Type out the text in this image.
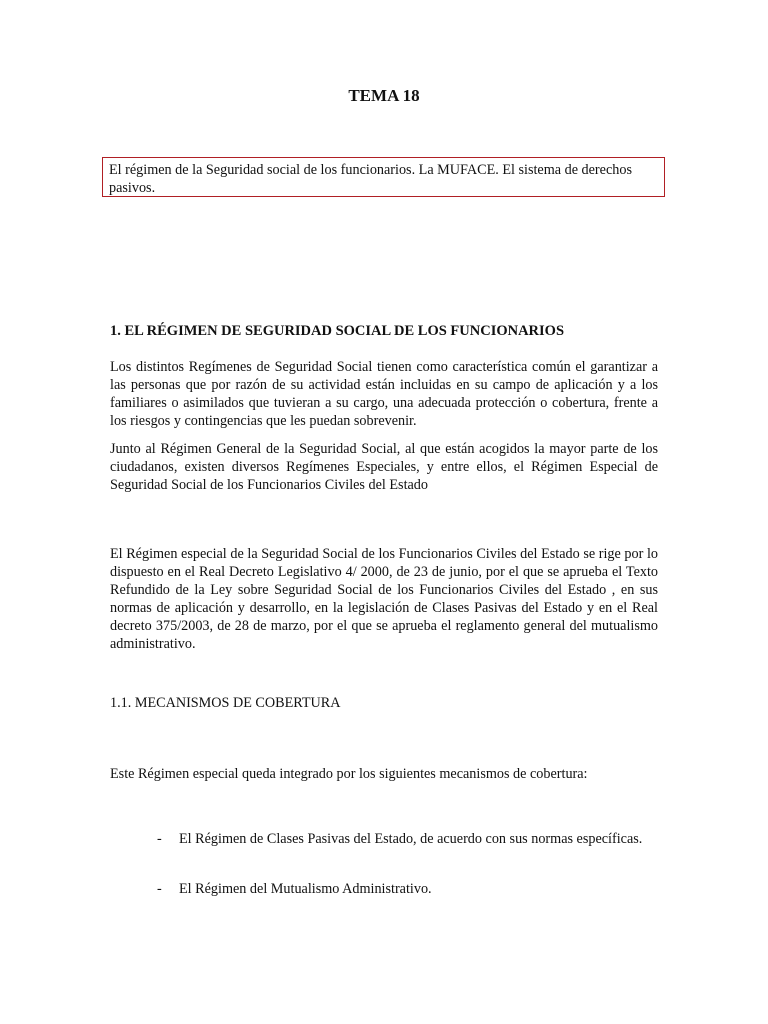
TEMA 18
El régimen de la Seguridad social de los funcionarios. La MUFACE. El sistema de derechos pasivos.
1. EL RÉGIMEN DE SEGURIDAD SOCIAL DE LOS FUNCIONARIOS

Los distintos Regímenes de Seguridad Social tienen como característica común el garantizar a las personas que por razón de su actividad están incluidas en su campo de aplicación y a los familiares o asimilados que tuvieran a su cargo, una adecuada protección o cobertura, frente a los riesgos y contingencias que les puedan sobrevenir.

Junto al Régimen General de la Seguridad Social, al que están acogidos la mayor parte de los ciudadanos, existen diversos Regímenes Especiales, y entre ellos, el Régimen Especial de Seguridad Social de los Funcionarios Civiles del Estado

El Régimen especial de la Seguridad Social de los Funcionarios Civiles del Estado se rige por lo dispuesto en el Real Decreto Legislativo 4/ 2000, de 23 de junio, por el que se aprueba el Texto Refundido de la Ley sobre Seguridad Social de los Funcionarios Civiles del Estado , en sus normas de aplicación y desarrollo, en la legislación de Clases Pasivas del Estado y en el Real decreto 375/2003, de 28 de marzo, por el que se aprueba el reglamento general del mutualismo administrativo.

1.1. MECANISMOS DE COBERTURA

Este Régimen especial queda integrado por los siguientes mecanismos de cobertura:

- El Régimen de Clases Pasivas del Estado, de acuerdo con sus normas específicas.
- El Régimen del Mutualismo Administrativo.
